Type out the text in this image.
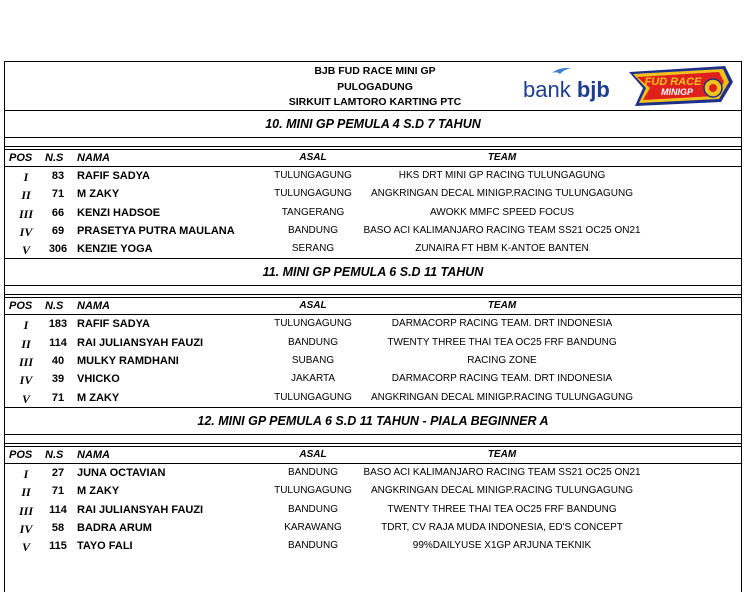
BJB FUD RACE MINI GP
PULOGADUNG
SIRKUIT LAMTORO KARTING PTC	bank bjb	FUD RACE
MINIGP
10. MINI GP PEMULA 4 S.D 7 TAHUN
POS	N.S	NAMA	ASAL	TEAM
I	83	RAFIF SADYA	TULUNGAGUNG	HKS DRT MINI GP RACING TULUNGAGUNG
II	71	M ZAKY	TULUNGAGUNG	ANGKRINGAN DECAL MINIGP.RACING TULUNGAGUNG
III	66	KENZI HADSOE	TANGERANG	AWOKK MMFC SPEED FOCUS
IV	69	PRASETYA PUTRA MAULANA	BANDUNG	BASO ACI KALIMANJARO RACING TEAM SS21 OC25 ON21
V	306 KENZIE YOGA	SERANG	ZUNAIRA FT HBM K-ANTOE BANTEN
11. MINI GP PEMULA 6 S.D 11 TAHUN
POS	N.S	NAMA	ASAL	TEAM
I	183 RAFIF SADYA	TULUNGAGUNG	DARMACORP RACING TEAM. DRT INDONESIA
II	114 RAI JULIANSYAH FAUZI	BANDUNG	TWENTY THREE THAI TEA OC25 FRF BANDUNG
III	40	MULKY RAMDHANI	SUBANG	RACING ZONE
IV	39	VHICKO	JAKARTA	DARMACORP RACING TEAM. DRT INDONESIA
V	71	M ZAKY	TULUNGAGUNG	ANGKRINGAN DECAL MINIGP.RACING TULUNGAGUNG
12. MINI GP PEMULA 6 S.D 11 TAHUN - PIALA BEGINNER A
POS	N.S	NAMA	ASAL	TEAM
I	27	JUNA OCTAVIAN	BANDUNG	BASO ACI KALIMANJARO RACING TEAM SS21 OC25 ON21
II	71	M ZAKY	TULUNGAGUNG	ANGKRINGAN DECAL MINIGP.RACING TULUNGAGUNG
III	114 RAI JULIANSYAH FAUZI	BANDUNG	TWENTY THREE THAI TEA OC25 FRF BANDUNG
IV	58	BADRA ARUM	KARAWANG	TDRT, CV RAJA MUDA INDONESIA, ED'S CONCEPT
V	115 TAYO FALI	BANDUNG	99%DAILYUSE X1GP ARJUNA TEKNIK
